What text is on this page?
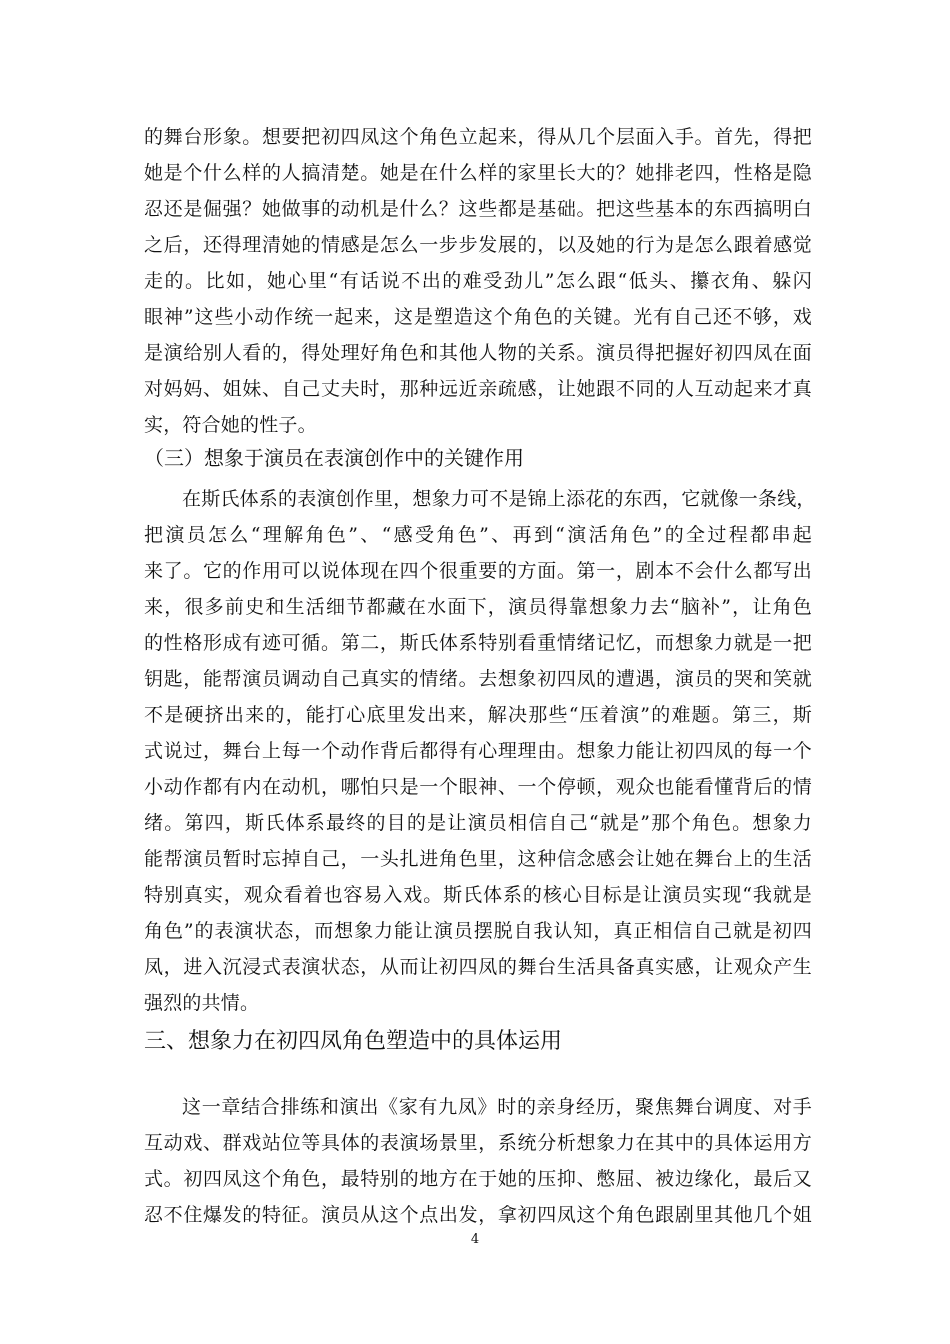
的舞台形象。想要把初四凤这个角色立起来，得从几个层面入手。首先，得把
她是个什么样的人搞清楚。她是在什么样的家里长大的？她排老四，性格是隐
忍还是倔强？她做事的动机是什么？这些都是基础。把这些基本的东西搞明白
之后，还得理清她的情感是怎么一步步发展的，以及她的行为是怎么跟着感觉
走的。比如，她心里“有话说不出的难受劲儿”怎么跟“低头、攥衣角、躲闪
眼神”这些小动作统一起来，这是塑造这个角色的关键。光有自己还不够，戏
是演给别人看的，得处理好角色和其他人物的关系。演员得把握好初四凤在面
对妈妈、姐妹、自己丈夫时，那种远近亲疏感，让她跟不同的人互动起来才真
实，符合她的性子。
（三）想象于演员在表演创作中的关键作用
在斯氏体系的表演创作里，想象力可不是锦上添花的东西，它就像一条线，
把演员怎么“理解角色”、“感受角色”、再到“演活角色”的全过程都串起
来了。它的作用可以说体现在四个很重要的方面。第一，剧本不会什么都写出
来，很多前史和生活细节都藏在水面下，演员得靠想象力去“脑补”，让角色
的性格形成有迹可循。第二，斯氏体系特别看重情绪记忆，而想象力就是一把
钥匙，能帮演员调动自己真实的情绪。去想象初四凤的遭遇，演员的哭和笑就
不是硬挤出来的，能打心底里发出来，解决那些“压着演”的难题。第三，斯
式说过，舞台上每一个动作背后都得有心理理由。想象力能让初四凤的每一个
小动作都有内在动机，哪怕只是一个眼神、一个停顿，观众也能看懂背后的情
绪。第四，斯氏体系最终的目的是让演员相信自己“就是”那个角色。想象力
能帮演员暂时忘掉自己，一头扎进角色里，这种信念感会让她在舞台上的生活
特别真实，观众看着也容易入戏。斯氏体系的核心目标是让演员实现“我就是
角色”的表演状态，而想象力能让演员摆脱自我认知，真正相信自己就是初四
凤，进入沉浸式表演状态，从而让初四凤的舞台生活具备真实感，让观众产生
强烈的共情。
三、想象力在初四凤角色塑造中的具体运用
这一章结合排练和演出《家有九凤》时的亲身经历，聚焦舞台调度、对手
互动戏、群戏站位等具体的表演场景里，系统分析想象力在其中的具体运用方
式。初四凤这个角色，最特别的地方在于她的压抑、憋屈、被边缘化，最后又
忍不住爆发的特征。演员从这个点出发，拿初四凤这个角色跟剧里其他几个姐
4
